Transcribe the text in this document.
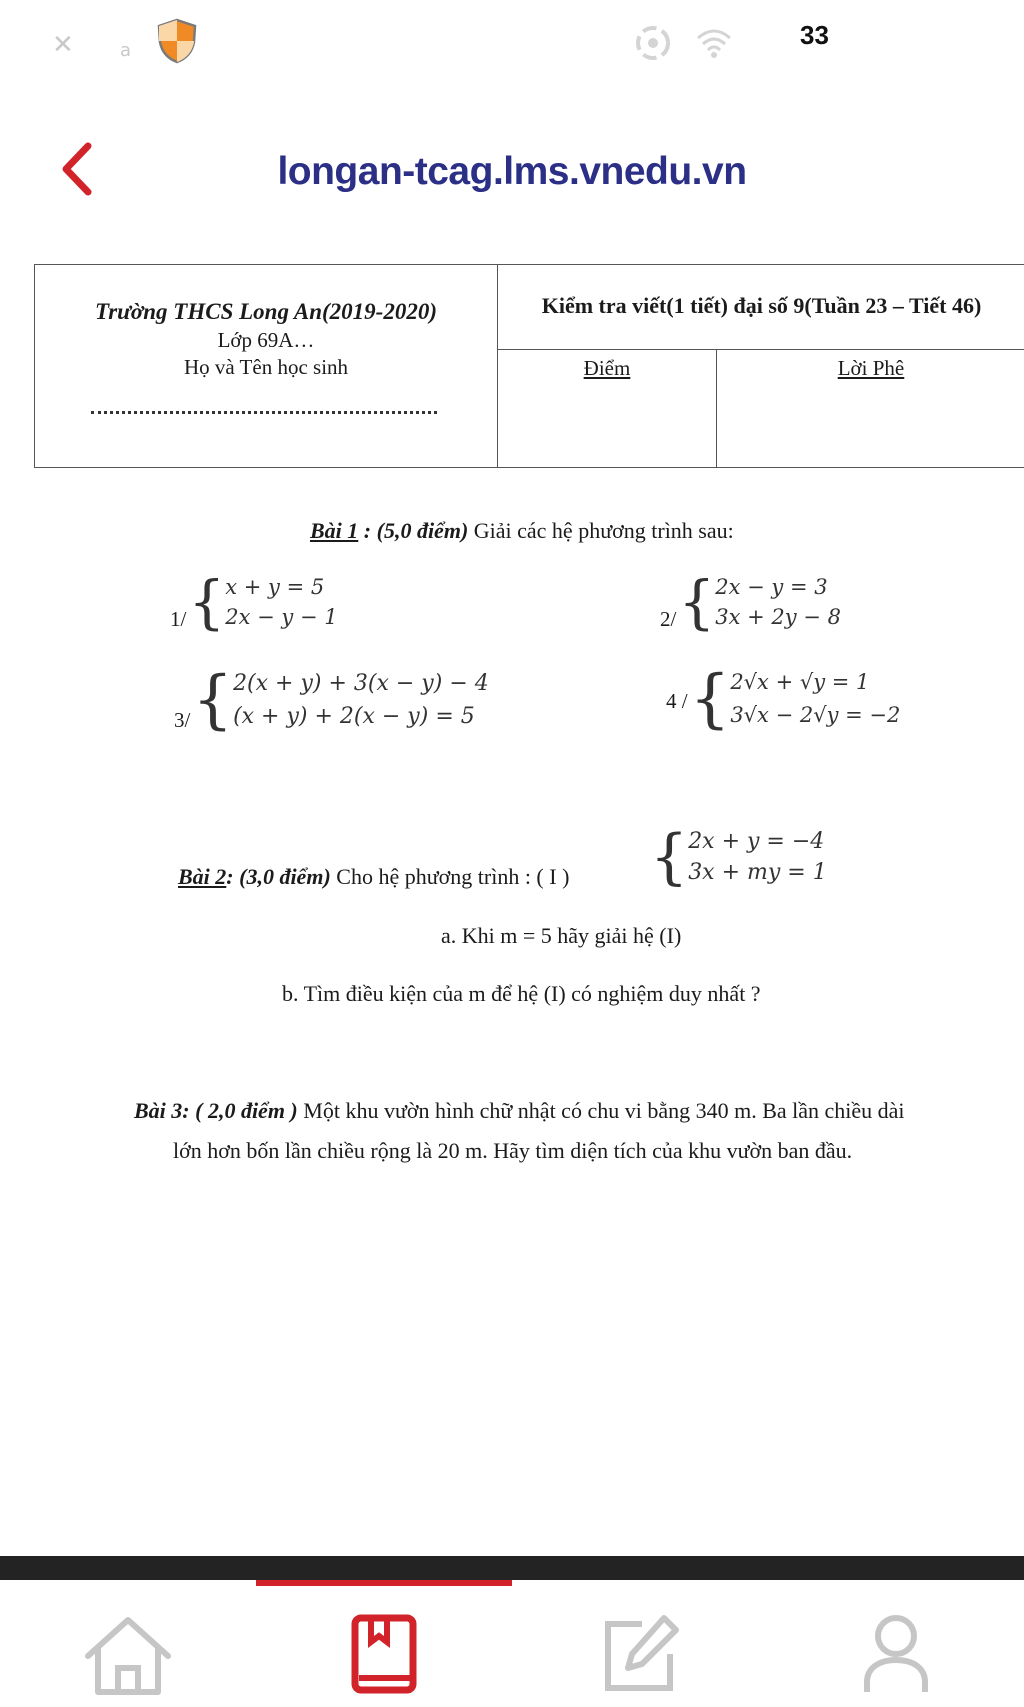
✕	a
33
longan-tcag.lms.vnedu.vn
Trường THCS Long An(2019-2020)
Lớp 69A…
Họ và Tên học sinh
Kiểm tra viết(1 tiết) đại số 9(Tuần 23 – Tiết 46)
Điểm	Lời Phê
Bài 1 : (5,0 điểm) Giải các hệ phương trình sau:
1/ { x + y = 5
2x − y − 1	2/ { 2x − y = 3
3x + 2y − 8
3/ { 2(x + y) + 3(x − y) − 4
(x + y) + 2(x − y) = 5
4 / { 2√x + √y = 1
3√x − 2√y = −2
Bài 2: (3,0 điểm) Cho hệ phương trình : ( I ) { 2x + y = −4
3x + my = 1
a. Khi m = 5 hãy giải hệ (I)
b. Tìm điều kiện của m để hệ (I) có nghiệm duy nhất ?
Bài 3: ( 2,0 điểm ) Một khu vườn hình chữ nhật có chu vi bằng 340 m. Ba lần chiều dài
lớn hơn bốn lần chiều rộng là 20 m. Hãy tìm diện tích của khu vườn ban đầu.
